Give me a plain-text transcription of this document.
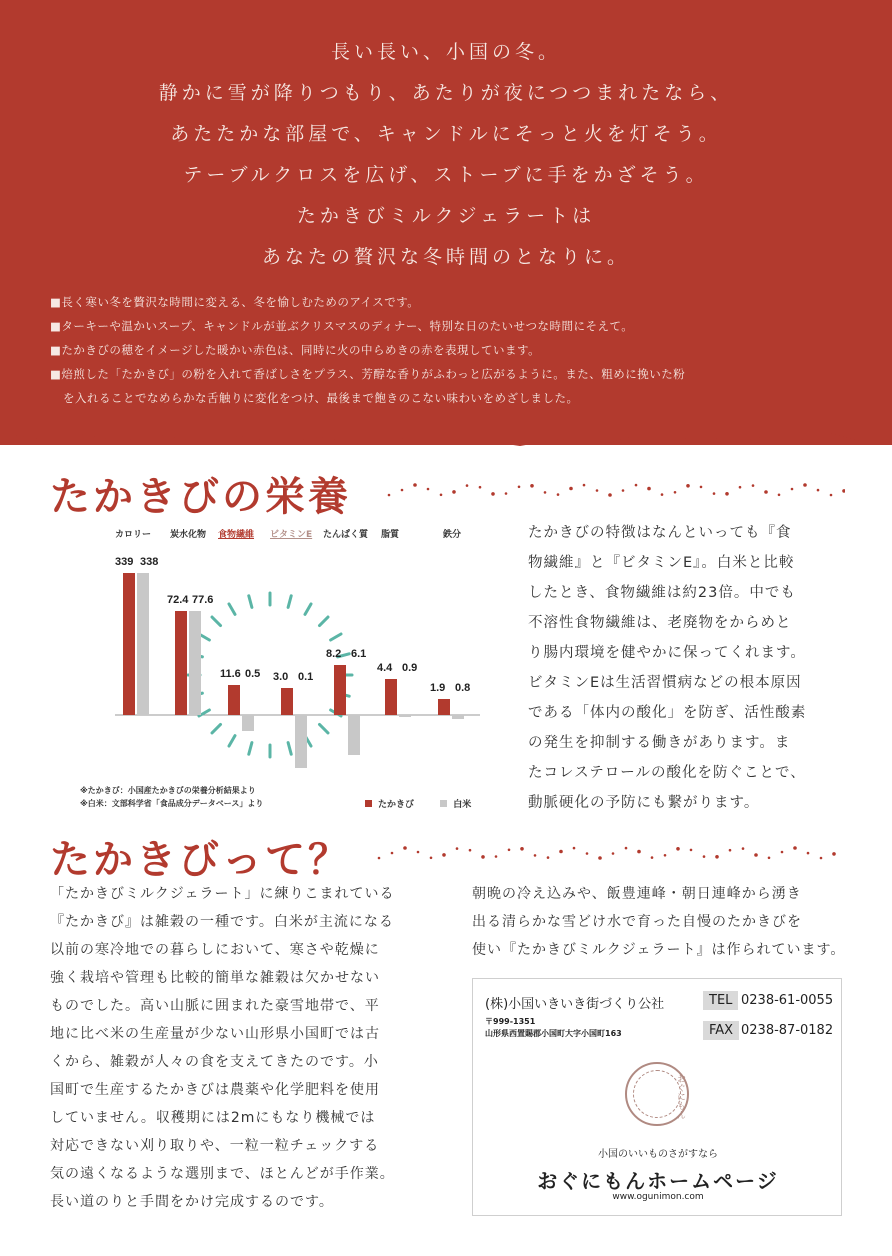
長い長い、小国の冬。
静かに雪が降りつもり、あたりが夜につつまれたなら、
あたたかな部屋で、キャンドルにそっと火を灯そう。
テーブルクロスを広げ、ストーブに手をかざそう。
たかきびミルクジェラートは
あなたの贅沢な冬時間のとなりに。
■長く寒い冬を贅沢な時間に変える、冬を愉しむためのアイスです。
■ターキーや温かいスープ、キャンドルが並ぶクリスマスのディナー、特別な日のたいせつな時間にそえて。
■たかきびの穂をイメージした暖かい赤色は、同時に火の中らめきの赤を表現しています。
■焙煎した「たかきび」の粉を入れて香ばしさをプラス、芳醇な香りがふわっと広がるように。また、粗めに挽いた粉
を入れることでなめらかな舌触りに変化をつけ、最後まで飽きのこない味わいをめざしました。
たかきびの栄養
カロリー 炭水化物 食物繊維 ビタミンE たんぱく質 脂質	鉄分
339 338
72.4 77.6
11.6 0.5 3.0 0.1
8.2 6.1
4.4 0.9
1.9 0.8
※たかきび：小国産たかきびの栄養分析結果より
※白米：文部科学省「食品成分データベース」より	たかきび	白米
たかきびの特徴はなんといっても『食
物繊維』と『ビタミンE』。白米と比較
したとき、食物繊維は約23倍。中でも
不溶性食物繊維は、老廃物をからめと
り腸内環境を健やかに保ってくれます。
ビタミンEは生活習慣病などの根本原因
である「体内の酸化」を防ぎ、活性酸素
の発生を抑制する働きがあります。ま
たコレステロールの酸化を防ぐことで、
動脈硬化の予防にも繋がります。
たかきびって？
「たかきびミルクジェラート」に練りこまれている
『たかきび』は雑穀の一種です。白米が主流になる
以前の寒冷地での暮らしにおいて、寒さや乾燥に
強く栽培や管理も比較的簡単な雑穀は欠かせない
ものでした。高い山脈に囲まれた豪雪地帯で、平
地に比べ米の生産量が少ない山形県小国町では古
くから、雑穀が人々の食を支えてきたのです。小
国町で生産するたかきびは農薬や化学肥料を使用
していません。収穫期には2mにもなり機械では
対応できない刈り取りや、一粒一粒チェックする
気の遠くなるような選別まで、ほとんどが手作業。
長い道のりと手間をかけ完成するのです。
朝晩の冷え込みや、飯豊連峰・朝日連峰から湧き
出る清らかな雪どけ水で育った自慢のたかきびを
使い『たかきびミルクジェラート』は作られています。
(株)小国いきいき街づくり公社
〒999-1351
山形県西置賜郡小国町大字小国町163
TEL 0238-61-0055
FAX 0238-87-0182
おぐにもん
小国のいいものさがすなら
おぐにもんホームページ
www.ogunimon.com
